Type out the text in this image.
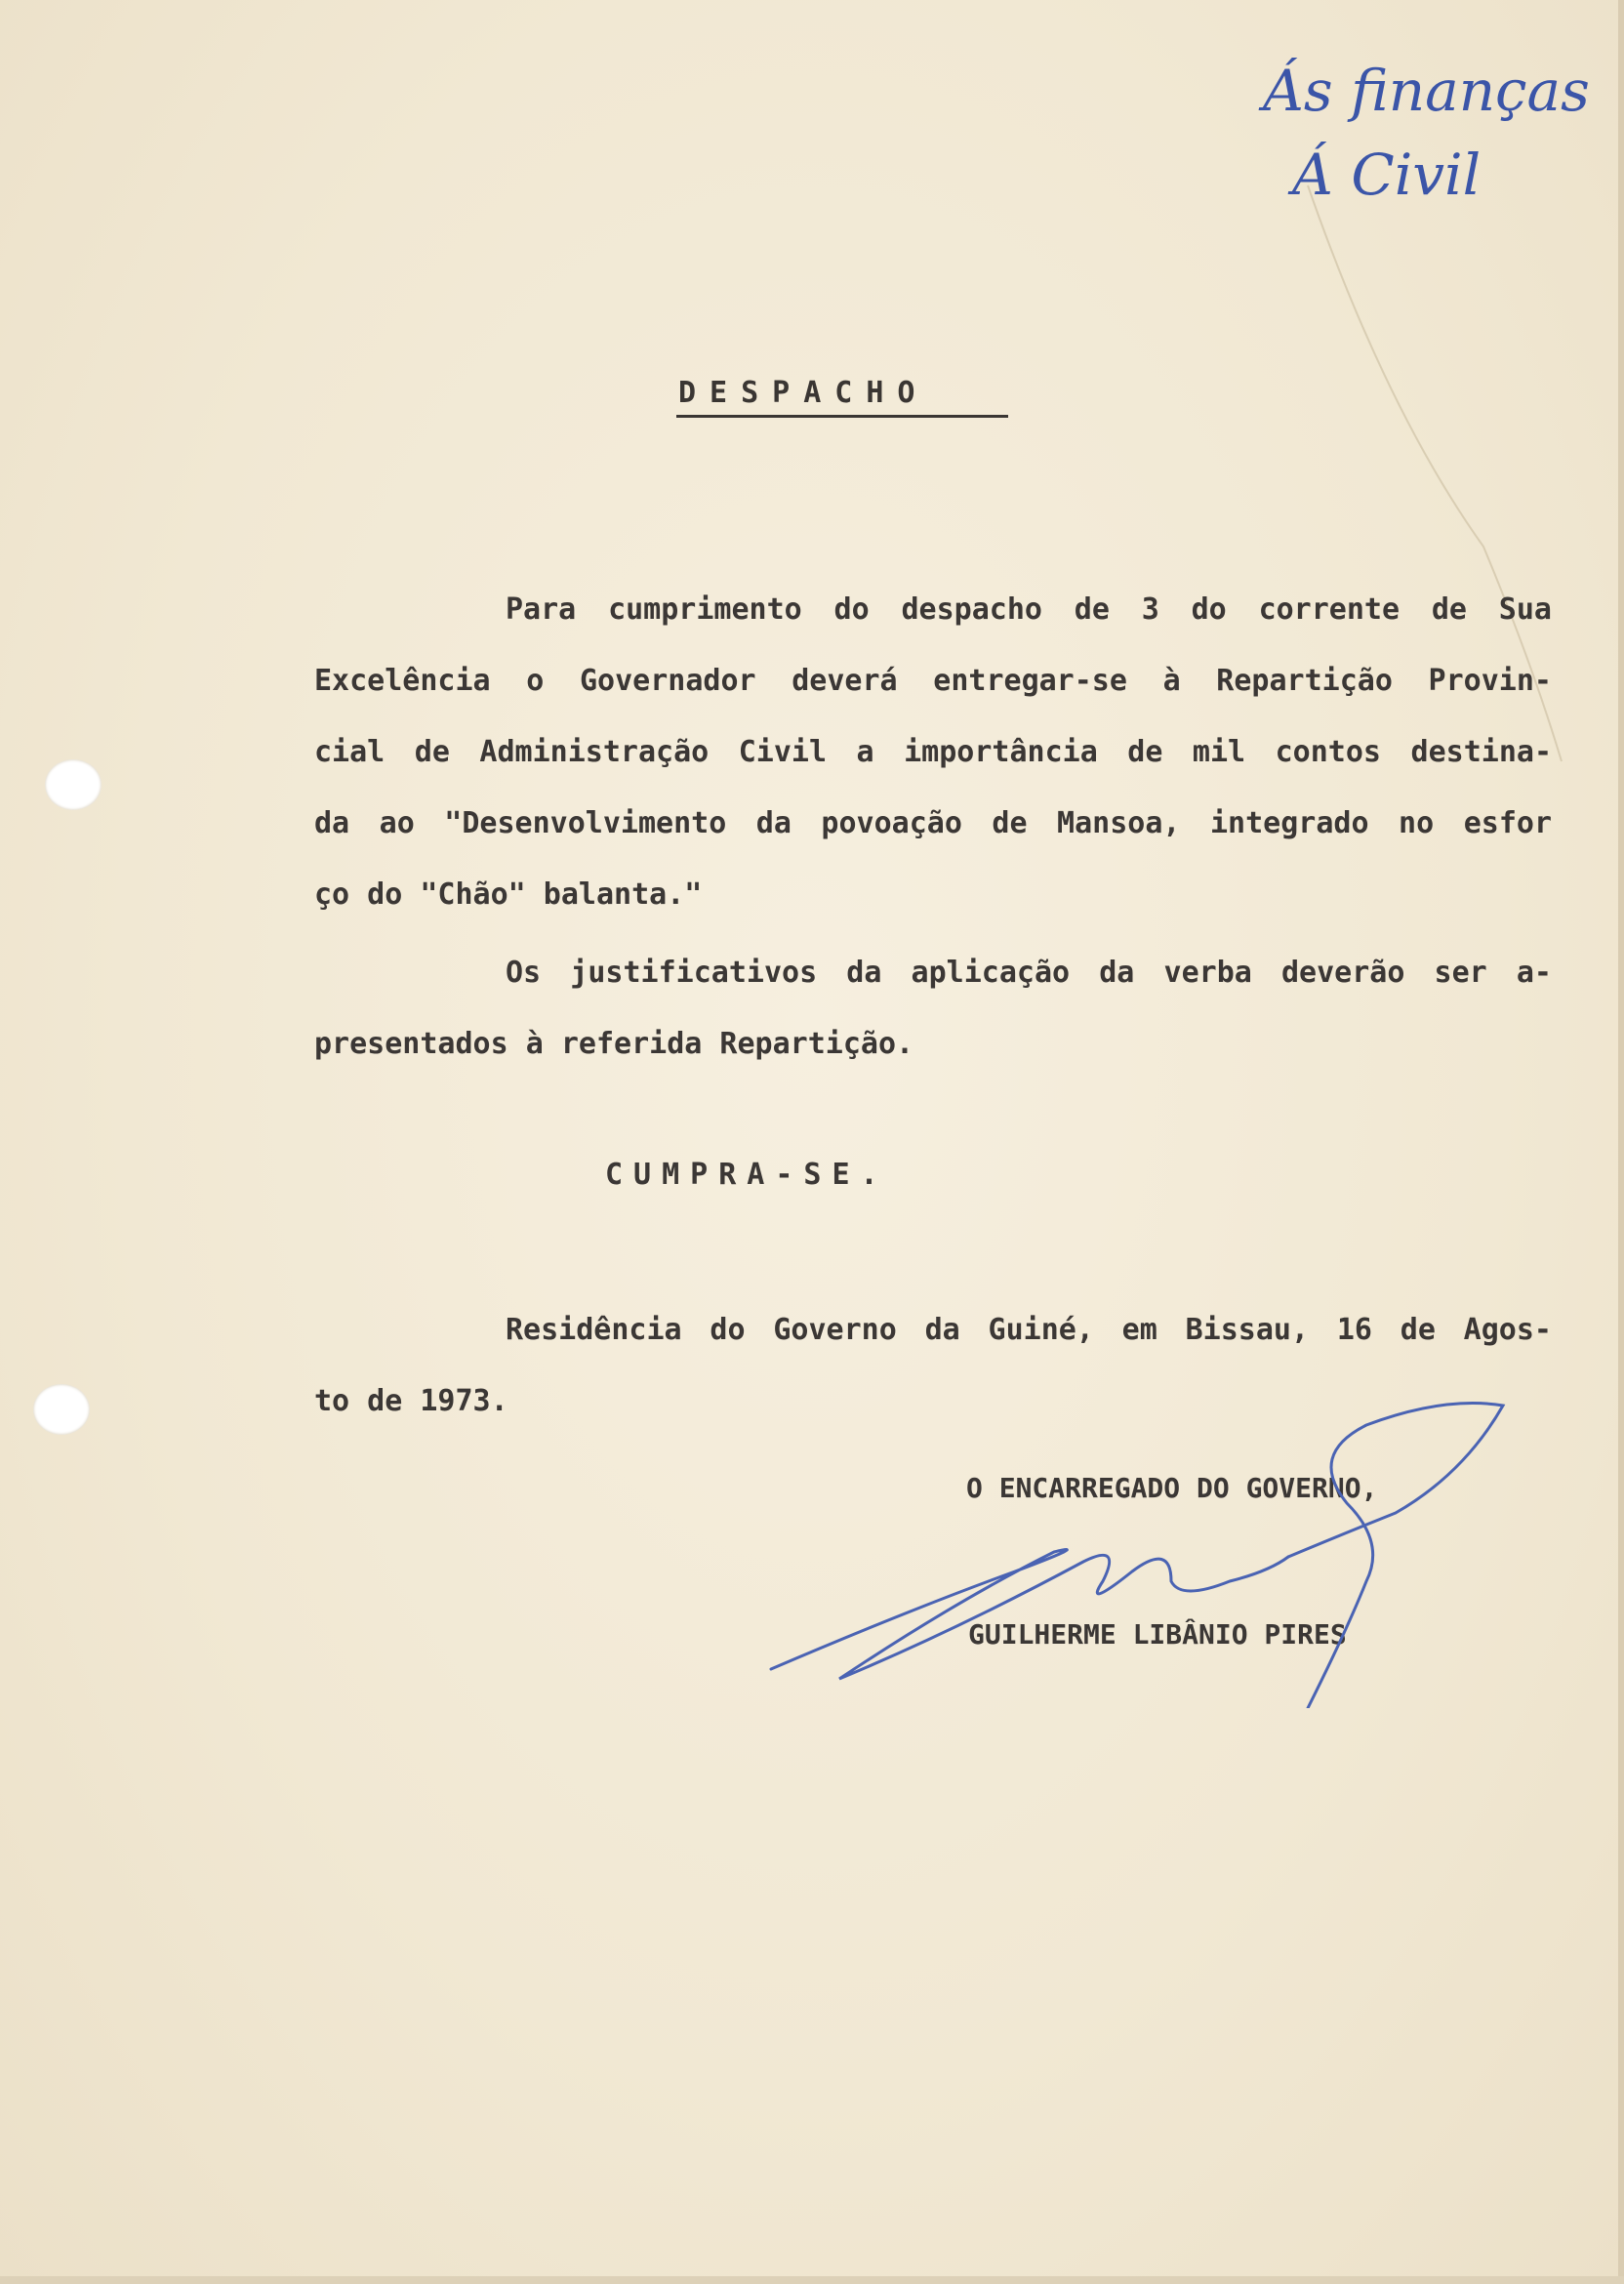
Ás finanças
Á Civil
DESPACHO
Para cumprimento do despacho de 3 do corrente de Sua
Excelência o Governador deverá entregar-se à Repartição Provin-
cial de Administração Civil a importância de mil contos destina-
da ao "Desenvolvimento da povoação de Mansoa, integrado no esfor
ço do "Chão" balanta."
Os justificativos da aplicação da verba deverão ser a-
presentados à referida Repartição.
CUMPRA-SE.
Residência do Governo da Guiné, em Bissau, 16 de Agos-
to de 1973.
O ENCARREGADO DO GOVERNO,
GUILHERME LIBÂNIO PIRES
